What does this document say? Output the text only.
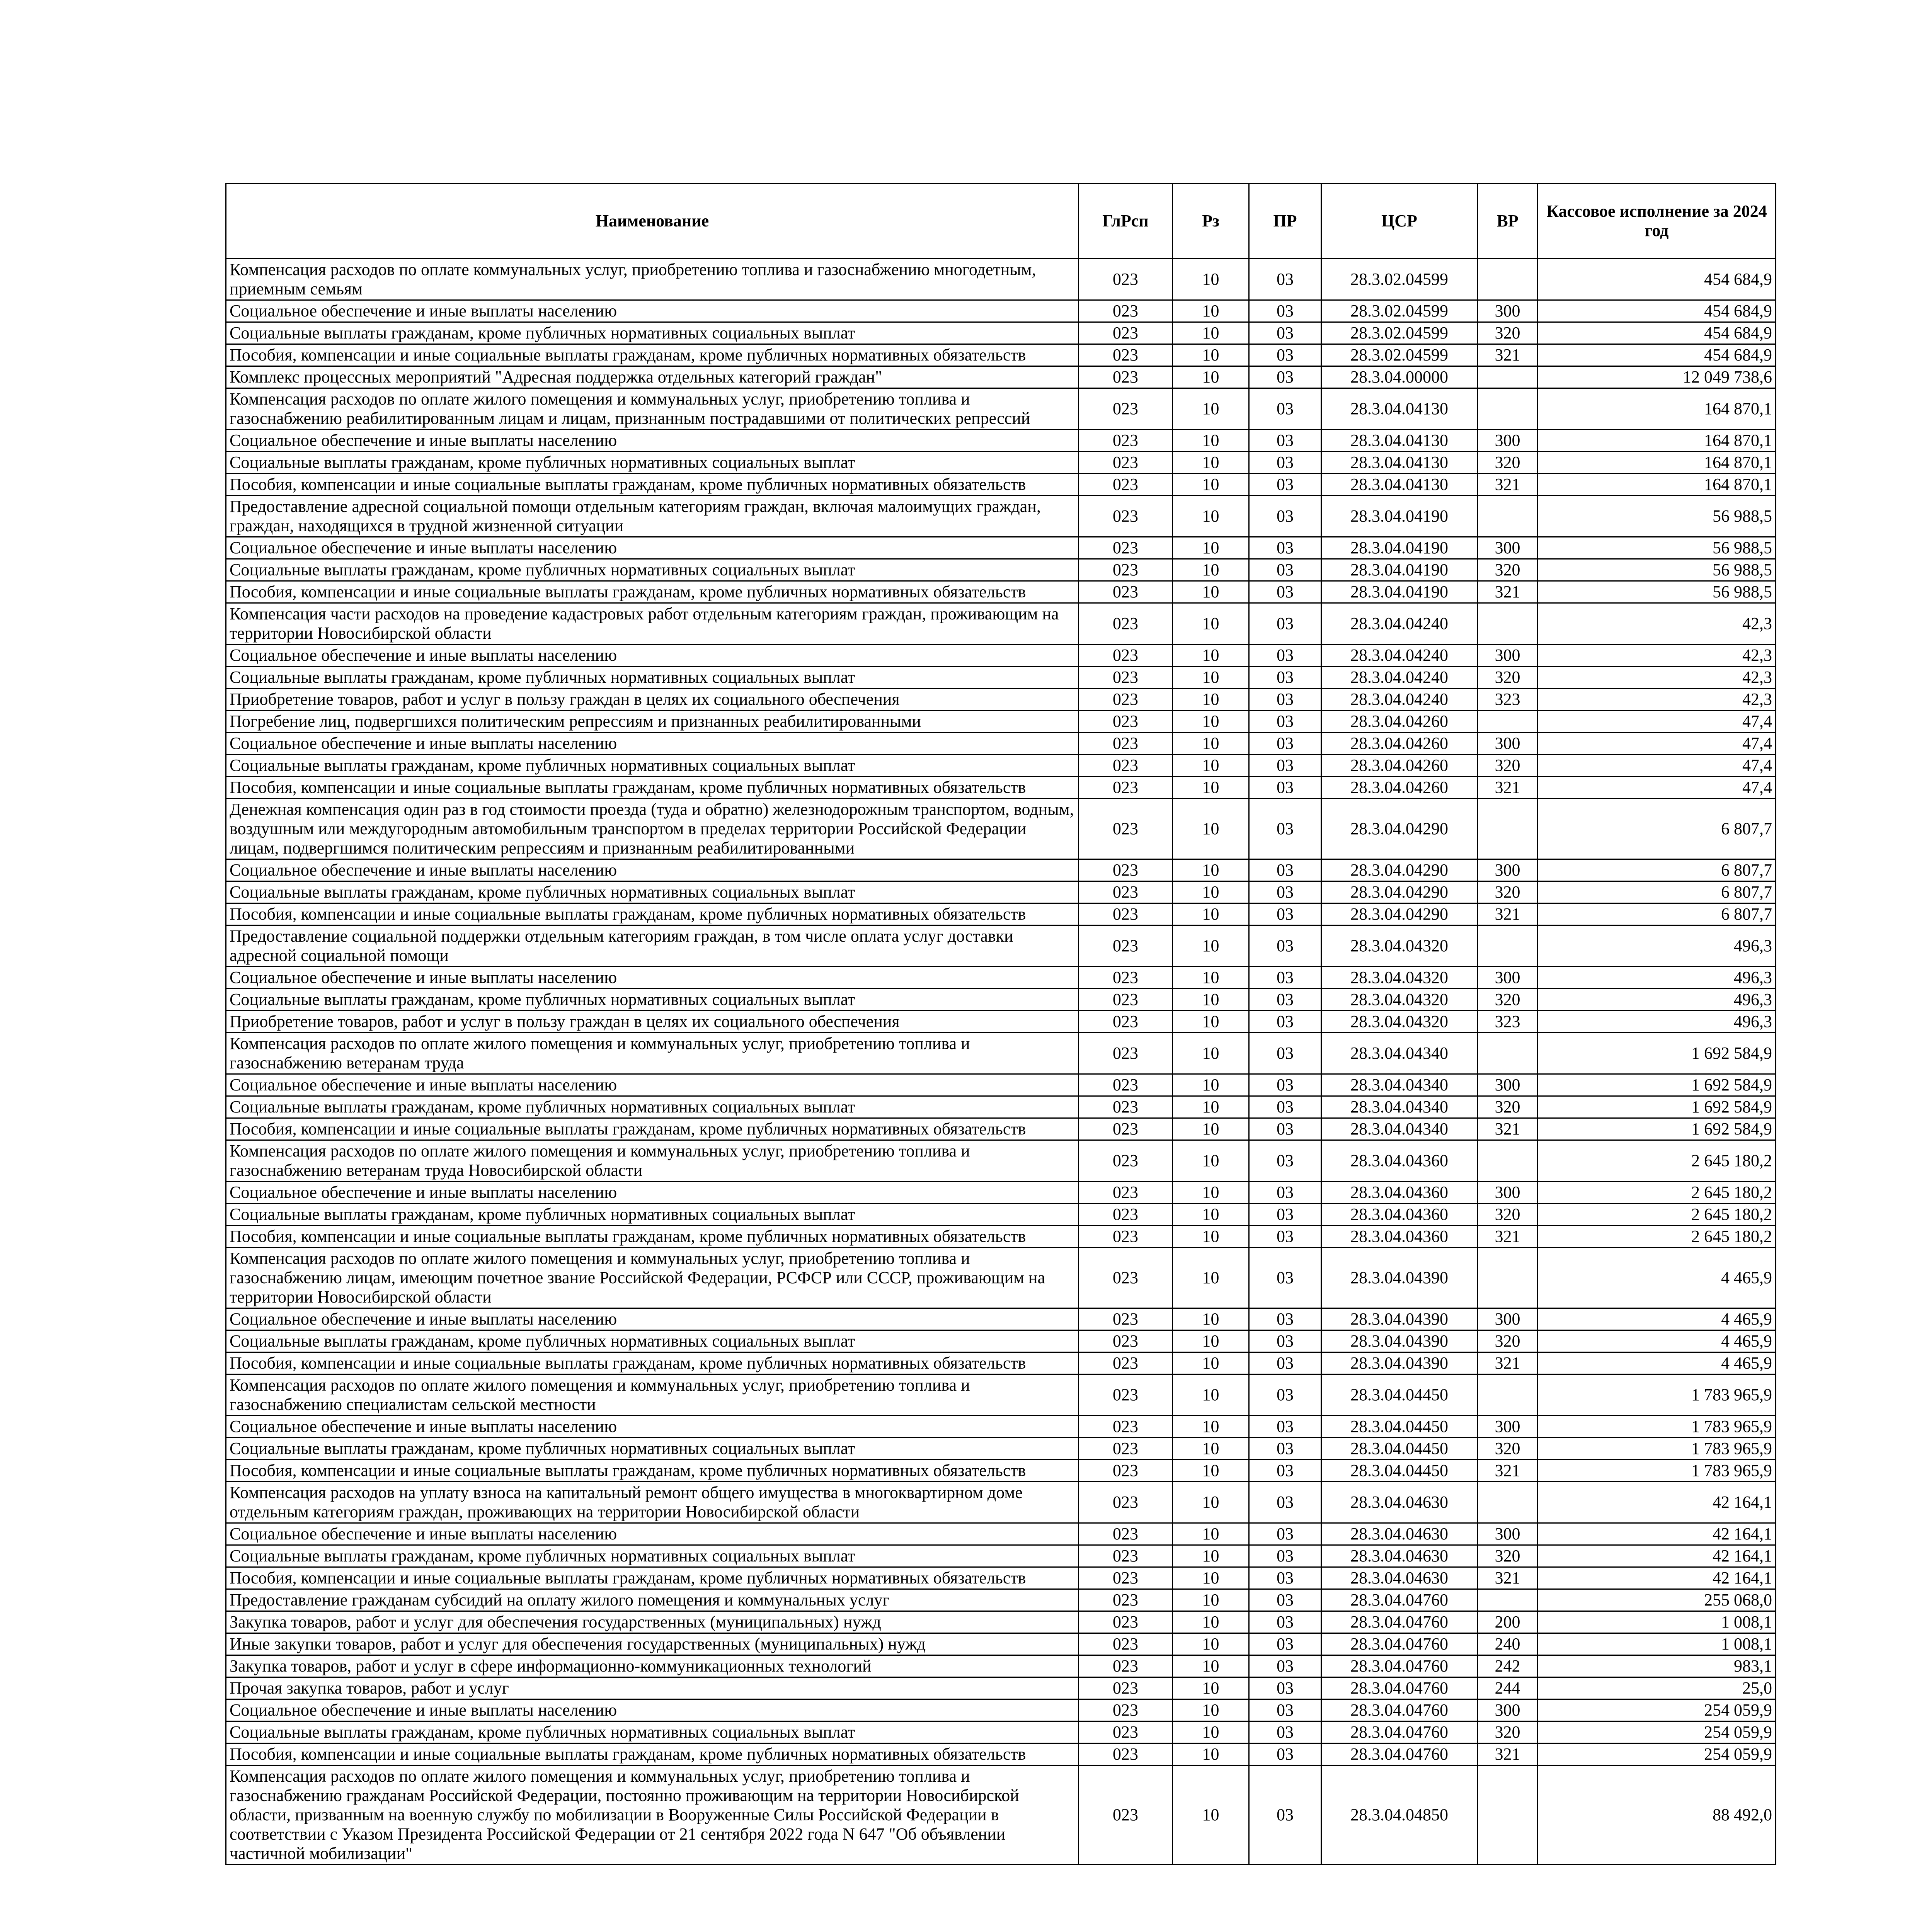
Наименование	ГлРсп	Рз	ПР	ЦСР	ВР	Кассовое исполнение за 2024 год
Компенсация расходов по оплате коммунальных услуг, приобретению топлива и газоснабжению многодетным, приемным семьям	023	10	03	28.3.02.04599		454 684,9
Социальное обеспечение и иные выплаты населению	023	10	03	28.3.02.04599	300	454 684,9
Социальные выплаты гражданам, кроме публичных нормативных социальных выплат	023	10	03	28.3.02.04599	320	454 684,9
Пособия, компенсации и иные социальные выплаты гражданам, кроме публичных нормативных обязательств	023	10	03	28.3.02.04599	321	454 684,9
Комплекс процессных мероприятий "Адресная поддержка отдельных категорий граждан"	023	10	03	28.3.04.00000		12 049 738,6
Компенсация расходов по оплате жилого помещения и коммунальных услуг, приобретению топлива и газоснабжению реабилитированным лицам и лицам, признанным пострадавшими от политических репрессий	023	10	03	28.3.04.04130		164 870,1
Социальное обеспечение и иные выплаты населению	023	10	03	28.3.04.04130	300	164 870,1
Социальные выплаты гражданам, кроме публичных нормативных социальных выплат	023	10	03	28.3.04.04130	320	164 870,1
Пособия, компенсации и иные социальные выплаты гражданам, кроме публичных нормативных обязательств	023	10	03	28.3.04.04130	321	164 870,1
Предоставление адресной социальной помощи отдельным категориям граждан, включая малоимущих граждан, граждан, находящихся в трудной жизненной ситуации	023	10	03	28.3.04.04190		56 988,5
Социальное обеспечение и иные выплаты населению	023	10	03	28.3.04.04190	300	56 988,5
Социальные выплаты гражданам, кроме публичных нормативных социальных выплат	023	10	03	28.3.04.04190	320	56 988,5
Пособия, компенсации и иные социальные выплаты гражданам, кроме публичных нормативных обязательств	023	10	03	28.3.04.04190	321	56 988,5
Компенсация части расходов на проведение кадастровых работ отдельным категориям граждан, проживающим на территории Новосибирской области	023	10	03	28.3.04.04240		42,3
Социальное обеспечение и иные выплаты населению	023	10	03	28.3.04.04240	300	42,3
Социальные выплаты гражданам, кроме публичных нормативных социальных выплат	023	10	03	28.3.04.04240	320	42,3
Приобретение товаров, работ и услуг в пользу граждан в целях их социального обеспечения	023	10	03	28.3.04.04240	323	42,3
Погребение лиц, подвергшихся политическим репрессиям и признанных реабилитированными	023	10	03	28.3.04.04260		47,4
Социальное обеспечение и иные выплаты населению	023	10	03	28.3.04.04260	300	47,4
Социальные выплаты гражданам, кроме публичных нормативных социальных выплат	023	10	03	28.3.04.04260	320	47,4
Пособия, компенсации и иные социальные выплаты гражданам, кроме публичных нормативных обязательств	023	10	03	28.3.04.04260	321	47,4
Денежная компенсация один раз в год стоимости проезда (туда и обратно) железнодорожным транспортом, водным, воздушным или междугородным автомобильным транспортом в пределах территории Российской Федерации лицам, подвергшимся политическим репрессиям и признанным реабилитированными	023	10	03	28.3.04.04290		6 807,7
Социальное обеспечение и иные выплаты населению	023	10	03	28.3.04.04290	300	6 807,7
Социальные выплаты гражданам, кроме публичных нормативных социальных выплат	023	10	03	28.3.04.04290	320	6 807,7
Пособия, компенсации и иные социальные выплаты гражданам, кроме публичных нормативных обязательств	023	10	03	28.3.04.04290	321	6 807,7
Предоставление социальной поддержки отдельным категориям граждан, в том числе оплата услуг доставки адресной социальной помощи	023	10	03	28.3.04.04320		496,3
Социальное обеспечение и иные выплаты населению	023	10	03	28.3.04.04320	300	496,3
Социальные выплаты гражданам, кроме публичных нормативных социальных выплат	023	10	03	28.3.04.04320	320	496,3
Приобретение товаров, работ и услуг в пользу граждан в целях их социального обеспечения	023	10	03	28.3.04.04320	323	496,3
Компенсация расходов по оплате жилого помещения и коммунальных услуг, приобретению топлива и газоснабжению ветеранам труда	023	10	03	28.3.04.04340		1 692 584,9
Социальное обеспечение и иные выплаты населению	023	10	03	28.3.04.04340	300	1 692 584,9
Социальные выплаты гражданам, кроме публичных нормативных социальных выплат	023	10	03	28.3.04.04340	320	1 692 584,9
Пособия, компенсации и иные социальные выплаты гражданам, кроме публичных нормативных обязательств	023	10	03	28.3.04.04340	321	1 692 584,9
Компенсация расходов по оплате жилого помещения и коммунальных услуг, приобретению топлива и газоснабжению ветеранам труда Новосибирской области	023	10	03	28.3.04.04360		2 645 180,2
Социальное обеспечение и иные выплаты населению	023	10	03	28.3.04.04360	300	2 645 180,2
Социальные выплаты гражданам, кроме публичных нормативных социальных выплат	023	10	03	28.3.04.04360	320	2 645 180,2
Пособия, компенсации и иные социальные выплаты гражданам, кроме публичных нормативных обязательств	023	10	03	28.3.04.04360	321	2 645 180,2
Компенсация расходов по оплате жилого помещения и коммунальных услуг, приобретению топлива и газоснабжению лицам, имеющим почетное звание Российской Федерации, РСФСР или СССР, проживающим на территории Новосибирской области	023	10	03	28.3.04.04390		4 465,9
Социальное обеспечение и иные выплаты населению	023	10	03	28.3.04.04390	300	4 465,9
Социальные выплаты гражданам, кроме публичных нормативных социальных выплат	023	10	03	28.3.04.04390	320	4 465,9
Пособия, компенсации и иные социальные выплаты гражданам, кроме публичных нормативных обязательств	023	10	03	28.3.04.04390	321	4 465,9
Компенсация расходов по оплате жилого помещения и коммунальных услуг, приобретению топлива и газоснабжению специалистам сельской местности	023	10	03	28.3.04.04450		1 783 965,9
Социальное обеспечение и иные выплаты населению	023	10	03	28.3.04.04450	300	1 783 965,9
Социальные выплаты гражданам, кроме публичных нормативных социальных выплат	023	10	03	28.3.04.04450	320	1 783 965,9
Пособия, компенсации и иные социальные выплаты гражданам, кроме публичных нормативных обязательств	023	10	03	28.3.04.04450	321	1 783 965,9
Компенсация расходов на уплату взноса на капитальный ремонт общего имущества в многоквартирном доме отдельным категориям граждан, проживающих на территории Новосибирской области	023	10	03	28.3.04.04630		42 164,1
Социальное обеспечение и иные выплаты населению	023	10	03	28.3.04.04630	300	42 164,1
Социальные выплаты гражданам, кроме публичных нормативных социальных выплат	023	10	03	28.3.04.04630	320	42 164,1
Пособия, компенсации и иные социальные выплаты гражданам, кроме публичных нормативных обязательств	023	10	03	28.3.04.04630	321	42 164,1
Предоставление гражданам субсидий на оплату жилого помещения и коммунальных услуг	023	10	03	28.3.04.04760		255 068,0
Закупка товаров, работ и услуг для обеспечения государственных (муниципальных) нужд	023	10	03	28.3.04.04760	200	1 008,1
Иные закупки товаров, работ и услуг для обеспечения государственных (муниципальных) нужд	023	10	03	28.3.04.04760	240	1 008,1
Закупка товаров, работ и услуг в сфере информационно-коммуникационных технологий	023	10	03	28.3.04.04760	242	983,1
Прочая закупка товаров, работ и услуг	023	10	03	28.3.04.04760	244	25,0
Социальное обеспечение и иные выплаты населению	023	10	03	28.3.04.04760	300	254 059,9
Социальные выплаты гражданам, кроме публичных нормативных социальных выплат	023	10	03	28.3.04.04760	320	254 059,9
Пособия, компенсации и иные социальные выплаты гражданам, кроме публичных нормативных обязательств	023	10	03	28.3.04.04760	321	254 059,9
Компенсация расходов по оплате жилого помещения и коммунальных услуг, приобретению топлива и газоснабжению гражданам Российской Федерации, постоянно проживающим на территории Новосибирской области, призванным на военную службу по мобилизации в Вооруженные Силы Российской Федерации в соответствии с Указом Президента Российской Федерации от 21 сентября 2022 года N 647 "Об объявлении частичной мобилизации"	023	10	03	28.3.04.04850		88 492,0
